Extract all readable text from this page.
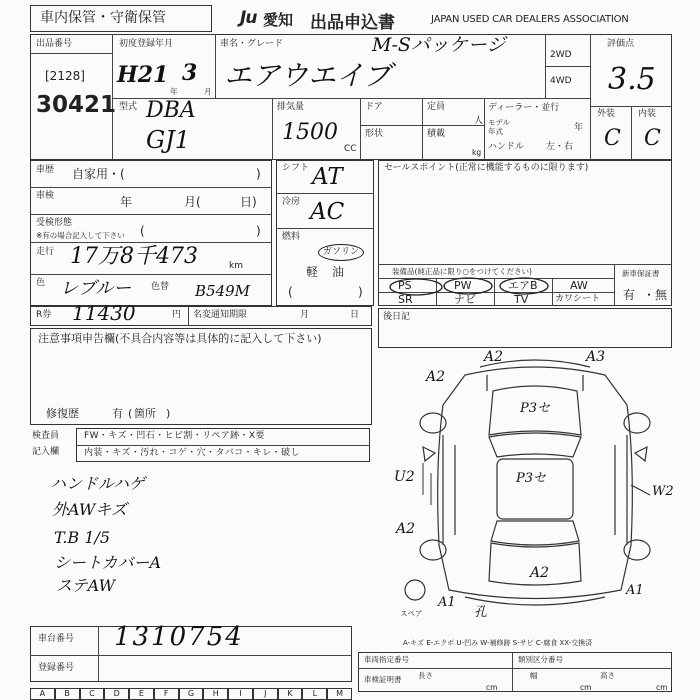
車内保管・守衛保管	Ju 愛知 出品申込書	JAPAN USED CAR DEALERS ASSOCIATION
出品番号
[2128]
30421
初度登録年月
H21
年
3
月
車名・グレード
エアウエイブ
M-Sパッケージ	2WD
4WD
評価点
3.5
外装	内装
C C
型式 DBA
GJ1
排気量
1500
CC
ドア
形状
定員
人
積載
kg
ディーラー・並行
モデル
年式	年
ハンドル 左・右
車歴 自家用・(	)
車検	年	月(	日)
受検形態
※有の場合記入して下さい (	)
走行 17万8千473	km
色 レブルー 色替 B549M
シフト AT
冷房 AC
燃料
ガソリン
軽 油
(	)
セールスポイント(正常に機能するものに限ります)
装備品(純正品に限り○をつけてください)
PS	PW	エアB	AW
SR	ナビ	TV	カワシート
新車保証書
有 ・ 無
R券 11430	円 名変通知期限	月	日
注意事項申告欄(不具合内容等は具体的に記入して下さい)
修復歴	有 ( 箇所 )
検査員
記入欄
FW・キズ・凹石・ヒビ割・リペア跡・X要
内装・キズ・汚れ・コゲ・穴・タバコ・キレ・破し
ハンドルハゲ
外AWキズ
T.B 1/5
シートカバーA
ステAW
後日記
A2	A3
A2
P3セ
U2	P3セ
W2
A2
A2
A1
A1
孔
スペア
A-キズ E-エクボ U-凹み W-補修跡 S-サビ C-腐食 XX-交換済
車台番号 1310754
登録番号
車両指定番号	類別区分番号
車検証明書 長さ
cm
幅
cm
高さ
cm
A	B	C	D	E	F	G	H	I	J	K	L	M
